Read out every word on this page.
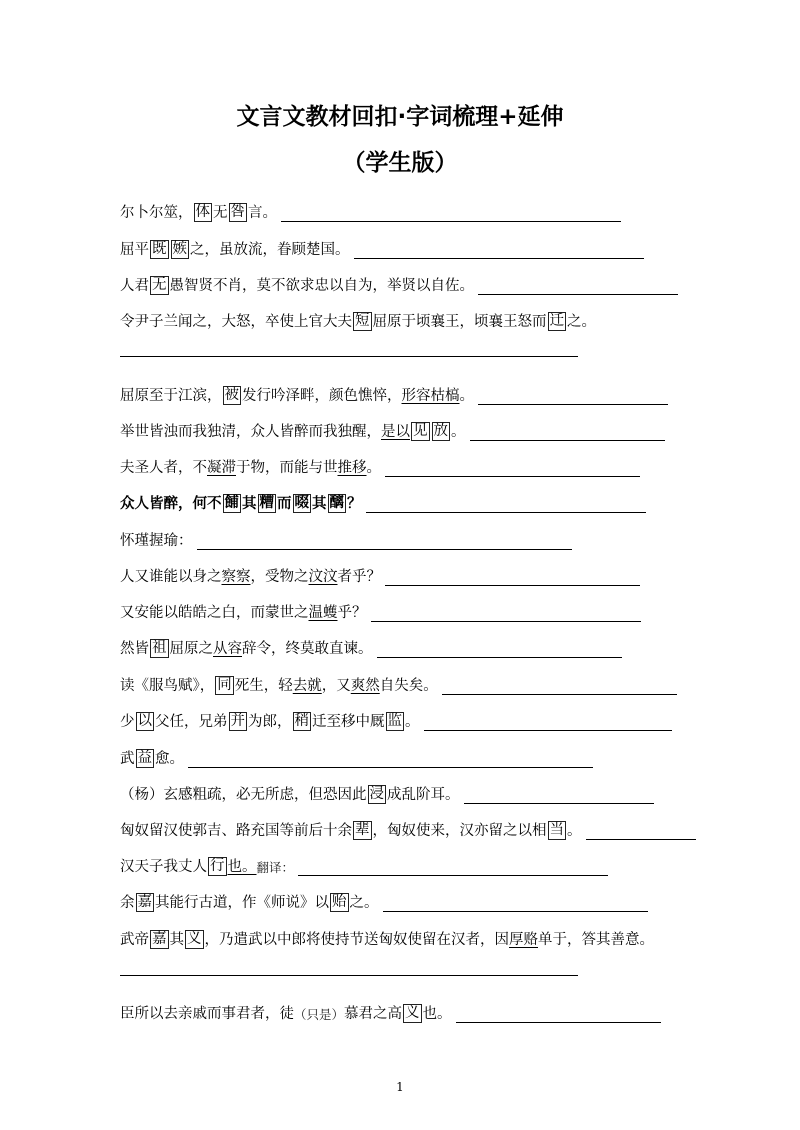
文言文教材回扣·字词梳理+延伸
（学生版）
尔卜尔筮， 体 无 咎 言。
屈平 既 嫉 之，虽放流，眷顾楚国。
人君 无 愚智贤不肖，莫不欲求忠以自为，举贤以自佐。
令尹子兰闻之，大怒，卒使上官大夫 短 屈原于顷襄王，顷襄王怒而 迁 之。
屈原至于江滨， 被 发行吟泽畔，颜色憔悴， 形容 枯槁 。
举世皆浊而我独清，众人皆醉而我独醒， 是以 见 放 。
夫圣人者，不 凝滞 于物，而能与世 推移 。
众人皆醉，何不 餔 其 糟 而 啜 其 醨 ？
怀瑾握瑜：
人又谁能以身之 察察 ，受物之 汶汶 者乎？
又安能以皓皓之白，而蒙世之 温蠖 乎？
然皆 祖 屈原之 从容 辞令，终莫敢直谏。
读《服鸟赋》， 同 死生，轻 去就 ，又 爽然 自失矣。
少 以 父任，兄弟 并 为郎， 稍 迁至移中厩 监 。
武 益 愈。
（杨）玄感粗疏，必无所虑，但恐因此 浸 成乱阶耳。
匈奴留汉使郭吉、路充国等前后十余 辈 ，匈奴使来，汉亦留之以相 当 。
汉天子我丈人 行 也。 翻译：
余 嘉 其能行古道，作《师说》以 贻 之。
武帝 嘉 其 义 ，乃遣武以中郎将使持节送匈奴使留在汉者，因 厚赂 单于，答其善意。
臣所以去亲戚而事君者，徒 （只是） 慕君之高 义 也。
1
